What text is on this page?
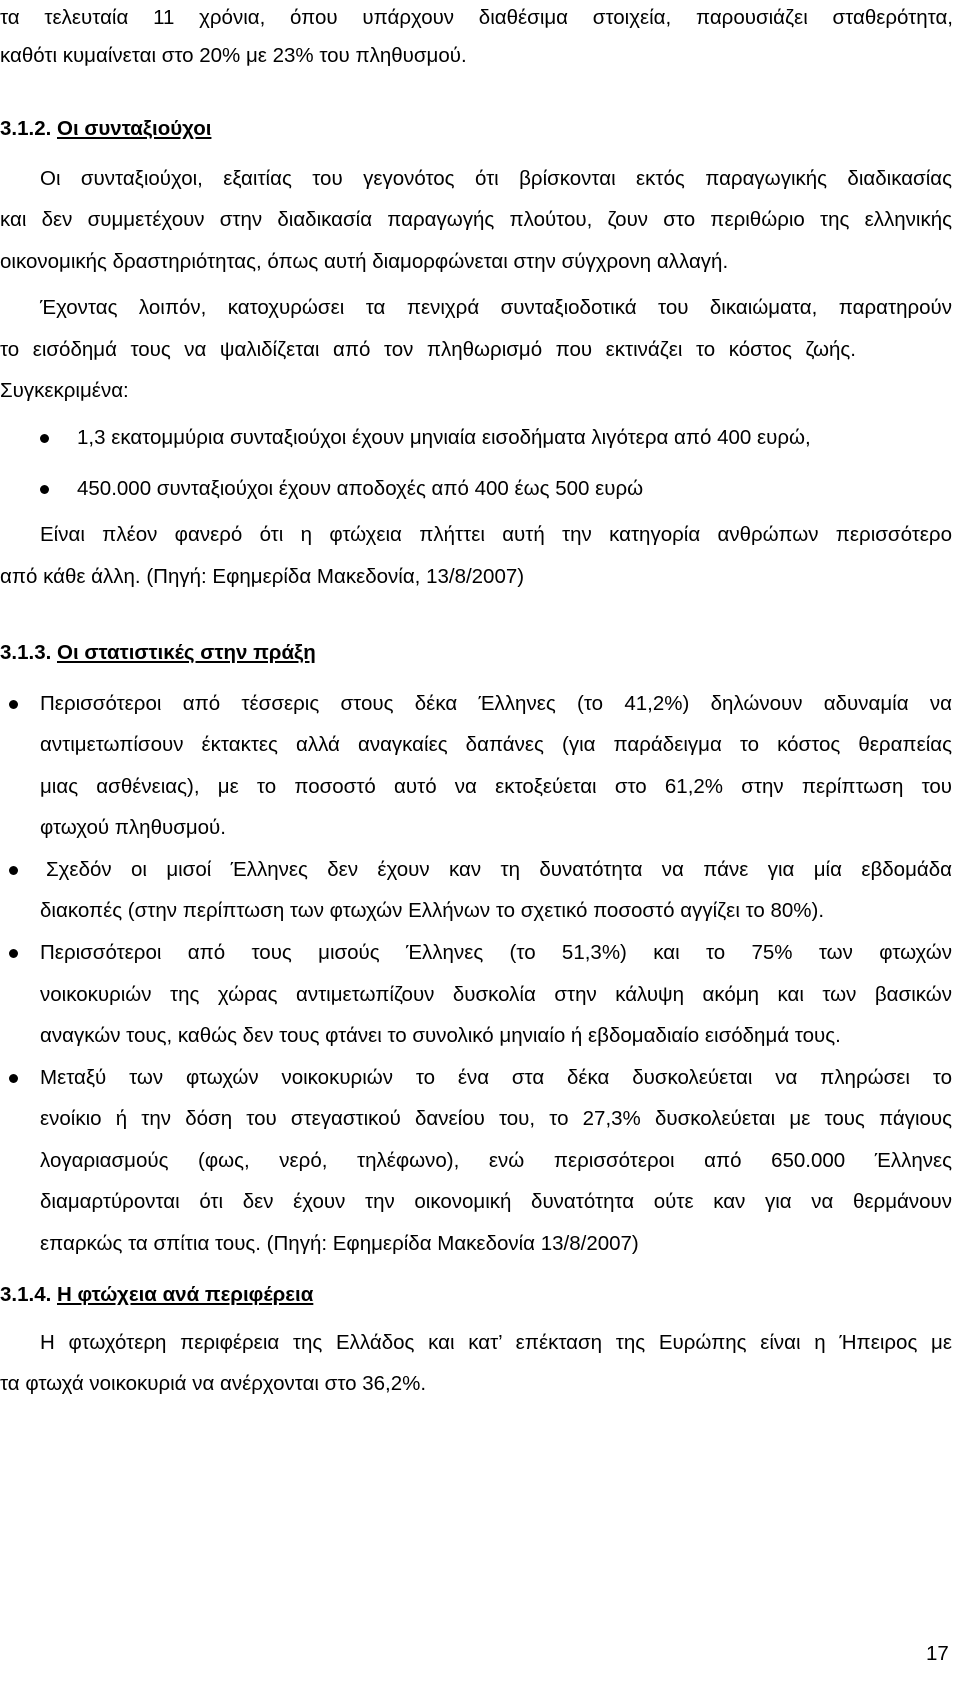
τα τελευταία 11 χρόνια, όπου υπάρχουν διαθέσιμα στοιχεία, παρουσιάζει σταθερότητα,

καθότι κυμαίνεται στο 20% με 23% του πληθυσμού.

3.1.2. Οι συνταξιούχοι

Οι συνταξιούχοι, εξαιτίας του γεγονότος ότι βρίσκονται εκτός παραγωγικής διαδικασίας

και δεν συμμετέχουν στην διαδικασία παραγωγής πλούτου, ζουν στο περιθώριο της ελληνικής

οικονομικής δραστηριότητας, όπως αυτή διαμορφώνεται στην σύγχρονη αλλαγή.

Έχοντας λοιπόν, κατοχυρώσει τα πενιχρά συνταξιοδοτικά του δικαιώματα, παρατηρούν

το εισόδημά τους να ψαλιδίζεται από τον πληθωρισμό που εκτινάζει το κόστος ζωής.

Συγκεκριμένα:

1,3 εκατομμύρια συνταξιούχοι έχουν μηνιαία εισοδήματα λιγότερα από 400 ευρώ,

450.000 συνταξιούχοι έχουν αποδοχές από 400 έως 500 ευρώ

Είναι πλέον φανερό ότι η φτώχεια πλήττει αυτή την κατηγορία ανθρώπων περισσότερο

από κάθε άλλη. (Πηγή: Εφημερίδα Μακεδονία, 13/8/2007)

3.1.3. Οι στατιστικές στην πράξη

Περισσότεροι από τέσσερις στους δέκα Έλληνες (το 41,2%) δηλώνουν αδυναμία να

αντιμετωπίσουν έκτακτες αλλά αναγκαίες δαπάνες (για παράδειγμα το κόστος θεραπείας

μιας ασθένειας), με το ποσοστό αυτό να εκτοξεύεται στο 61,2% στην περίπτωση του

φτωχού πληθυσμού.

Σχεδόν οι μισοί Έλληνες δεν έχουν καν τη δυνατότητα να πάνε για μία εβδομάδα

διακοπές (στην περίπτωση των φτωχών Ελλήνων το σχετικό ποσοστό αγγίζει το 80%).

Περισσότεροι από τους μισούς Έλληνες (το 51,3%) και το 75% των φτωχών

νοικοκυριών της χώρας αντιμετωπίζουν δυσκολία στην κάλυψη ακόμη και των βασικών

αναγκών τους, καθώς δεν τους φτάνει το συνολικό μηνιαίο ή εβδομαδιαίο εισόδημά τους.

Μεταξύ των φτωχών νοικοκυριών το ένα στα δέκα δυσκολεύεται να πληρώσει το

ενοίκιο ή την δόση του στεγαστικού δανείου του, το 27,3% δυσκολεύεται με τους πάγιους

λογαριασμούς (φως, νερό, τηλέφωνο), ενώ περισσότεροι από 650.000 Έλληνες

διαμαρτύρονται ότι δεν έχουν την οικονομική δυνατότητα ούτε καν για να θερμάνουν

επαρκώς τα σπίτια τους. (Πηγή: Εφημερίδα Μακεδονία 13/8/2007)

3.1.4. Η φτώχεια ανά περιφέρεια

Η φτωχότερη περιφέρεια της Ελλάδος και κατ’ επέκταση της Ευρώπης είναι η Ήπειρος με

τα φτωχά νοικοκυριά να ανέρχονται στο 36,2%.

17
